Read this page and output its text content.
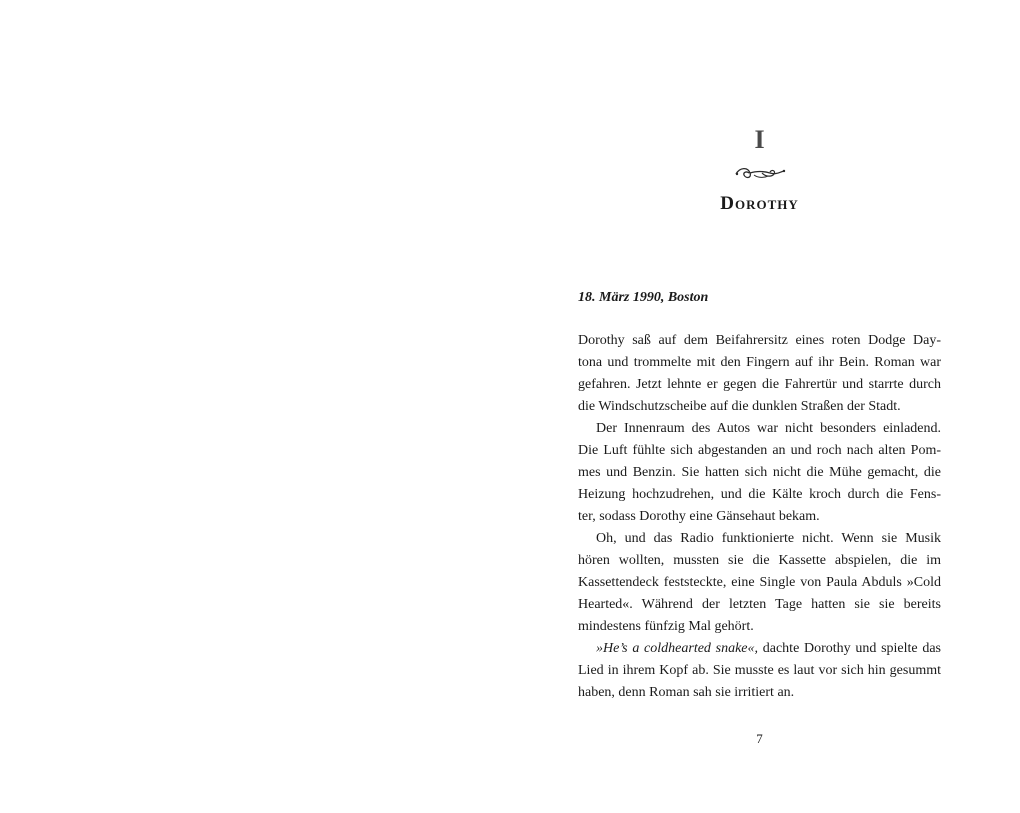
I
Dorothy
18. März 1990, Boston
Dorothy saß auf dem Beifahrersitz eines roten Dodge Day-
tona und trommelte mit den Fingern auf ihr Bein. Roman war
gefahren. Jetzt lehnte er gegen die Fahrertür und starrte durch
die Windschutzscheibe auf die dunklen Straßen der Stadt.
Der Innenraum des Autos war nicht besonders einladend.
Die Luft fühlte sich abgestanden an und roch nach alten Pom-
mes und Benzin. Sie hatten sich nicht die Mühe gemacht, die
Heizung hochzudrehen, und die Kälte kroch durch die Fens-
ter, sodass Dorothy eine Gänsehaut bekam.
Oh, und das Radio funktionierte nicht. Wenn sie Musik
hören wollten, mussten sie die Kassette abspielen, die im
Kassettendeck feststeckte, eine Single von Paula Abduls »Cold
Hearted«. Während der letzten Tage hatten sie sie bereits
mindestens fünfzig Mal gehört.
»He’s a coldhearted snake«, dachte Dorothy und spielte das
Lied in ihrem Kopf ab. Sie musste es laut vor sich hin gesummt
haben, denn Roman sah sie irritiert an.
7
